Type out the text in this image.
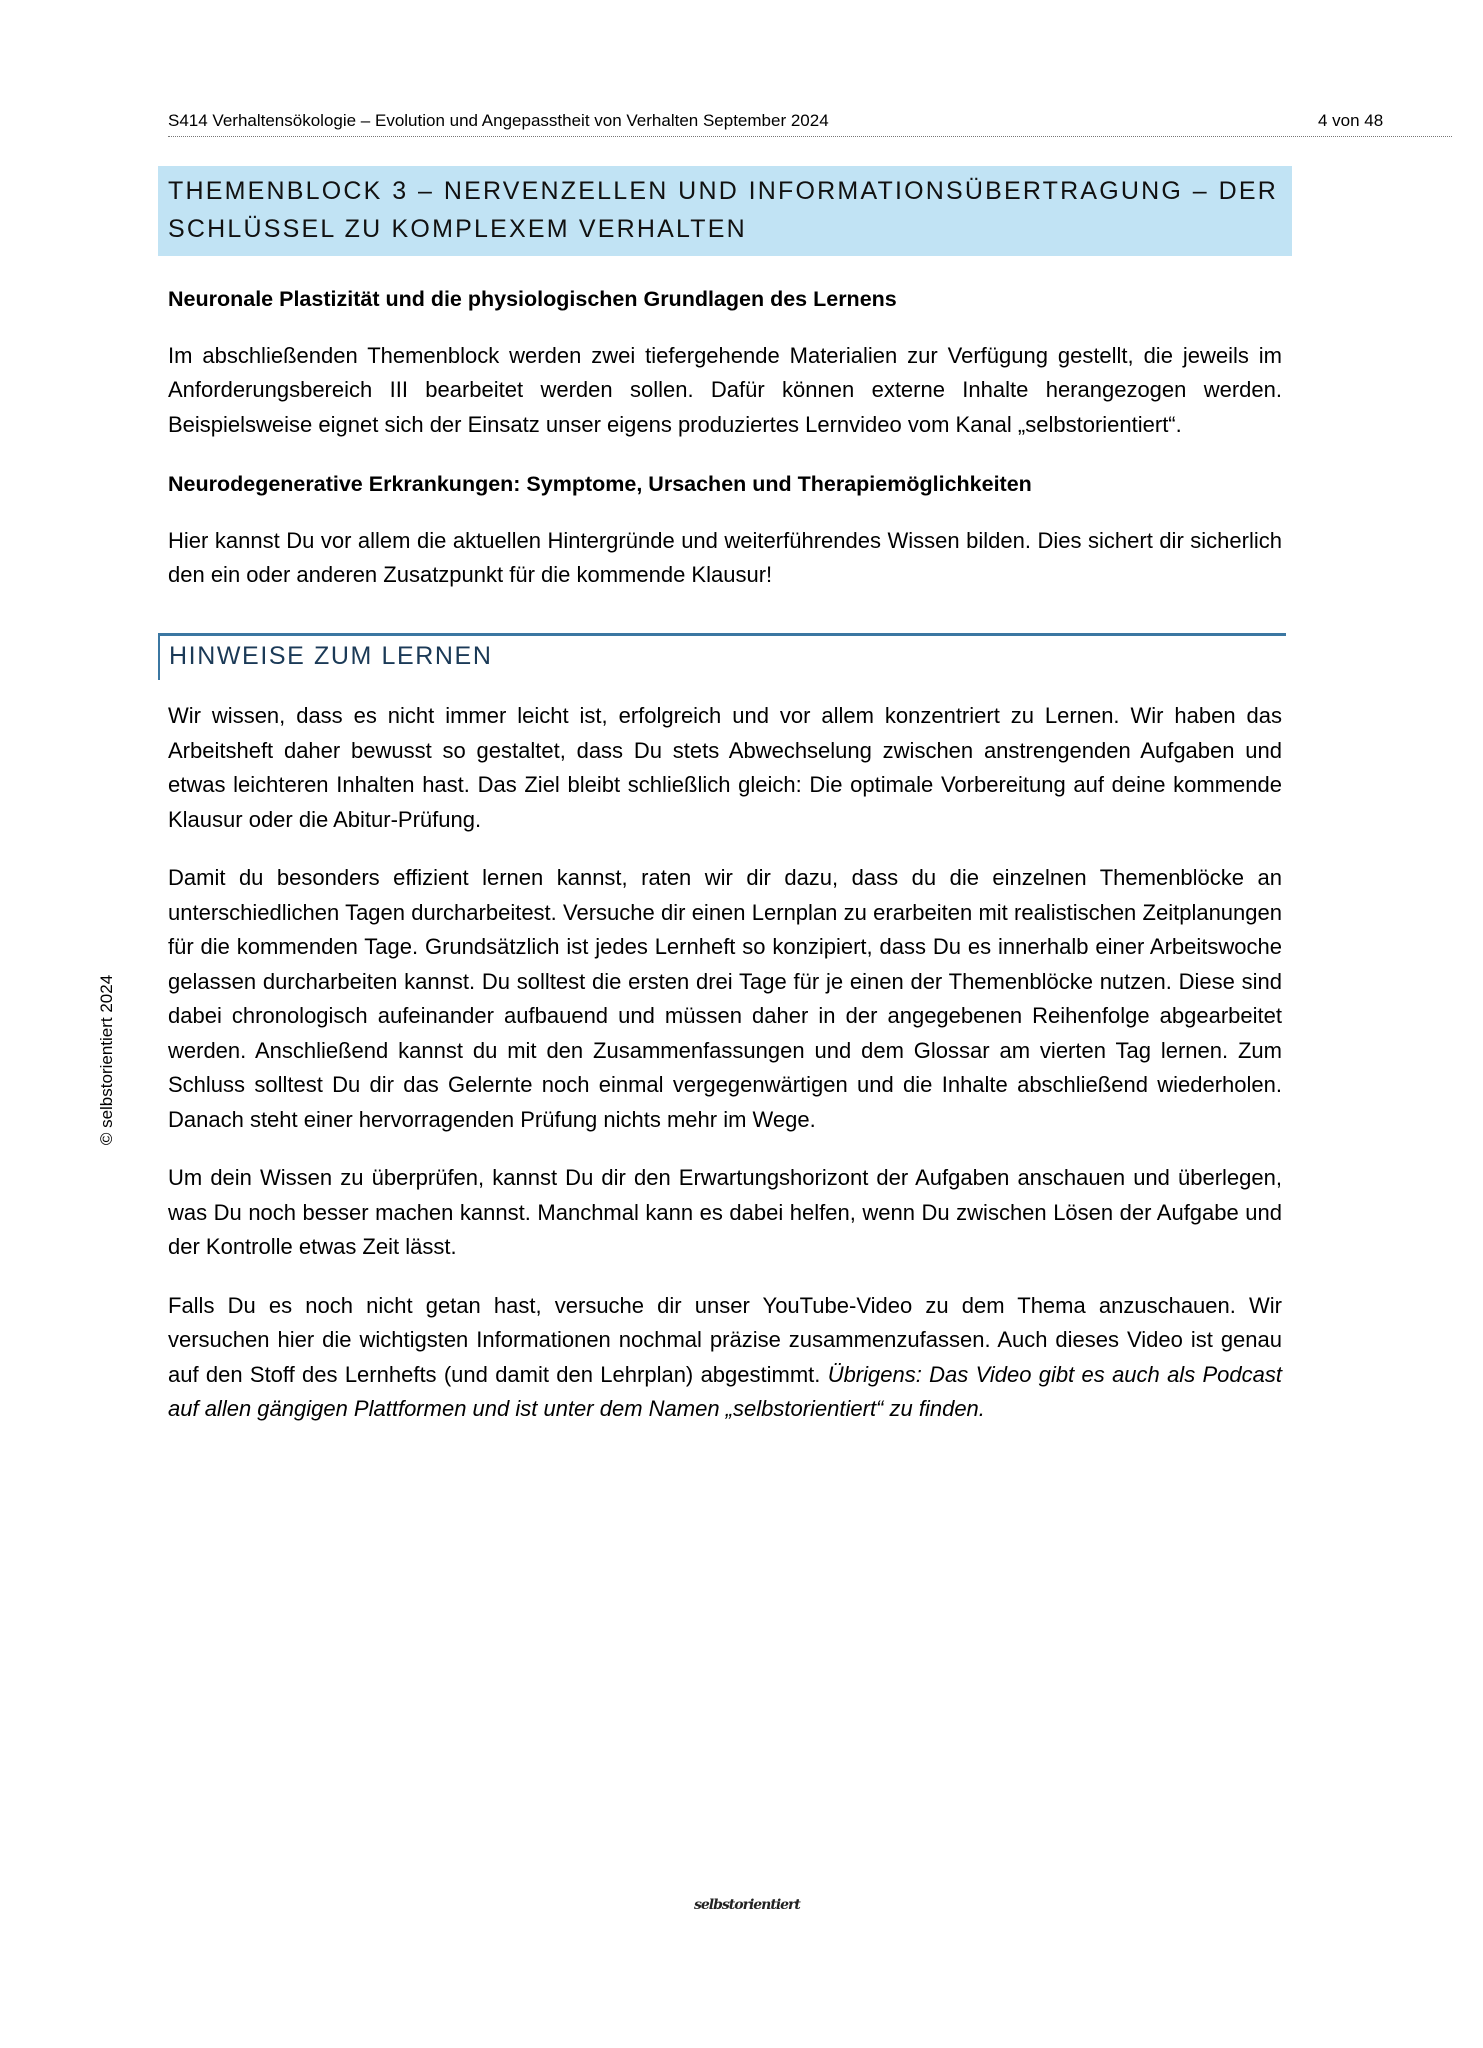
S414 Verhaltensökologie – Evolution und Angepasstheit von Verhalten September 2024	4 von 48
THEMENBLOCK 3 – NERVENZELLEN UND INFORMATIONSÜBERTRAGUNG – DER
SCHLÜSSEL ZU KOMPLEXEM VERHALTEN

Neuronale Plastizität und die physiologischen Grundlagen des Lernens

Im abschließenden Themenblock werden zwei tiefergehende Materialien zur Verfügung gestellt, die jeweils im Anforderungsbereich III bearbeitet werden sollen. Dafür können externe Inhalte herangezogen werden. Beispielsweise eignet sich der Einsatz unser eigens produziertes Lernvideo vom Kanal „selbstorientiert“.

Neurodegenerative Erkrankungen: Symptome, Ursachen und Therapiemöglichkeiten

Hier kannst Du vor allem die aktuellen Hintergründe und weiterführendes Wissen bilden. Dies sichert dir sicherlich den ein oder anderen Zusatzpunkt für die kommende Klausur!

HINWEISE ZUM LERNEN

Wir wissen, dass es nicht immer leicht ist, erfolgreich und vor allem konzentriert zu Lernen. Wir haben das Arbeitsheft daher bewusst so gestaltet, dass Du stets Abwechselung zwischen anstrengenden Aufgaben und etwas leichteren Inhalten hast. Das Ziel bleibt schließlich gleich: Die optimale Vorbereitung auf deine kommende Klausur oder die Abitur-Prüfung.

Damit du besonders effizient lernen kannst, raten wir dir dazu, dass du die einzelnen Themenblöcke an unterschiedlichen Tagen durcharbeitest. Versuche dir einen Lernplan zu erarbeiten mit realistischen Zeitplanungen für die kommenden Tage. Grundsätzlich ist jedes Lernheft so konzipiert, dass Du es innerhalb einer Arbeitswoche gelassen durcharbeiten kannst. Du solltest die ersten drei Tage für je einen der Themenblöcke nutzen. Diese sind dabei chronologisch aufeinander aufbauend und müssen daher in der angegebenen Reihenfolge abgearbeitet werden. Anschließend kannst du mit den Zusammenfassungen und dem Glossar am vierten Tag lernen. Zum Schluss solltest Du dir das Gelernte noch einmal vergegenwärtigen und die Inhalte abschließend wiederholen. Danach steht einer hervorragenden Prüfung nichts mehr im Wege.

Um dein Wissen zu überprüfen, kannst Du dir den Erwartungshorizont der Aufgaben anschauen und überlegen, was Du noch besser machen kannst. Manchmal kann es dabei helfen, wenn Du zwischen Lösen der Aufgabe und der Kontrolle etwas Zeit lässt.

Falls Du es noch nicht getan hast, versuche dir unser YouTube-Video zu dem Thema anzuschauen. Wir versuchen hier die wichtigsten Informationen nochmal präzise zusammenzufassen. Auch dieses Video ist genau auf den Stoff des Lernhefts (und damit den Lehrplan) abgestimmt. Übrigens: Das Video gibt es auch als Podcast auf allen gängigen Plattformen und ist unter dem Namen „selbstorientiert“ zu finden.

© selbstorientiert 2024
selbstorientiert
